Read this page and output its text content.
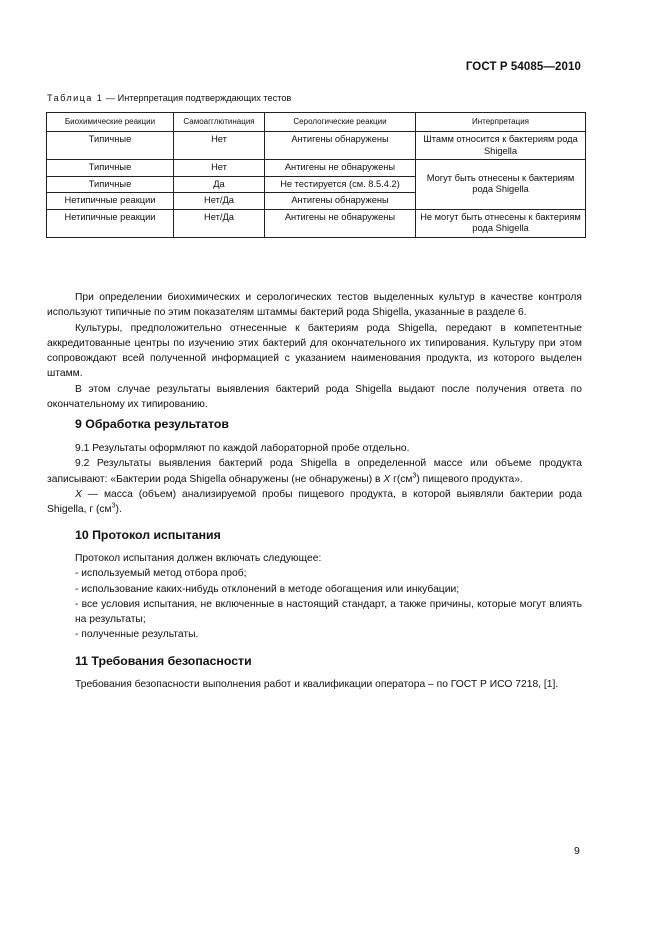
ГОСТ Р 54085—2010
Таблица 1 — Интерпретация подтверждающих тестов
Биохимические реакции	Самоагглютинация	Серологические реакции	Интерпретация
Типичные	Нет	Антигены обнаружены	Штамм относится к бактериям рода Shigella
Типичные	Нет	Антигены не обнаружены	Могут быть отнесены к бактериям рода Shigella
Типичные	Да	Не тестируется (см. 8.5.4.2)	
Нетипичные реакции	Нет/Да	Антигены обнаружены	
Нетипичные реакции	Нет/Да	Антигены не обнаружены	Не могут быть отнесены к бактериям рода Shigella

При определении биохимических и серологических тестов выделенных культур в качестве контроля используют типичные по этим показателям штаммы бактерий рода Shigella, указанные в разделе 6.

Культуры, предположительно отнесенные к бактериям рода Shigella, передают в компетентные аккредитованные центры по изучению этих бактерий для окончательного их типирования. Культуру при этом сопровождают всей полученной информацией с указанием наименования продукта, из которого выделен штамм.

В этом случае результаты выявления бактерий рода Shigella выдают после получения ответа по окончательному их типированию.

9 Обработка результатов

9.1 Результаты оформляют по каждой лабораторной пробе отдельно.

9.2 Результаты выявления бактерий рода Shigella в определенной массе или объеме продукта записывают: «Бактерии рода Shigella обнаружены (не обнаружены) в Х $г(см^3)$ пищевого продукта».

Х — масса (объем) анализируемой пробы пищевого продукта, в которой выявляли бактерии рода Shigella, г $(см^3)$.

10 Протокол испытания

Протокол испытания должен включать следующее:

- используемый метод отбора проб;

- использование каких-нибудь отклонений в методе обогащения или инкубации;

- все условия испытания, не включенные в настоящий стандарт, а также причины, которые могут влиять на результаты;

- полученные результаты.

11 Требования безопасности

Требования безопасности выполнения работ и квалификации оператора – по ГОСТ Р ИСО 7218, [1].

9
